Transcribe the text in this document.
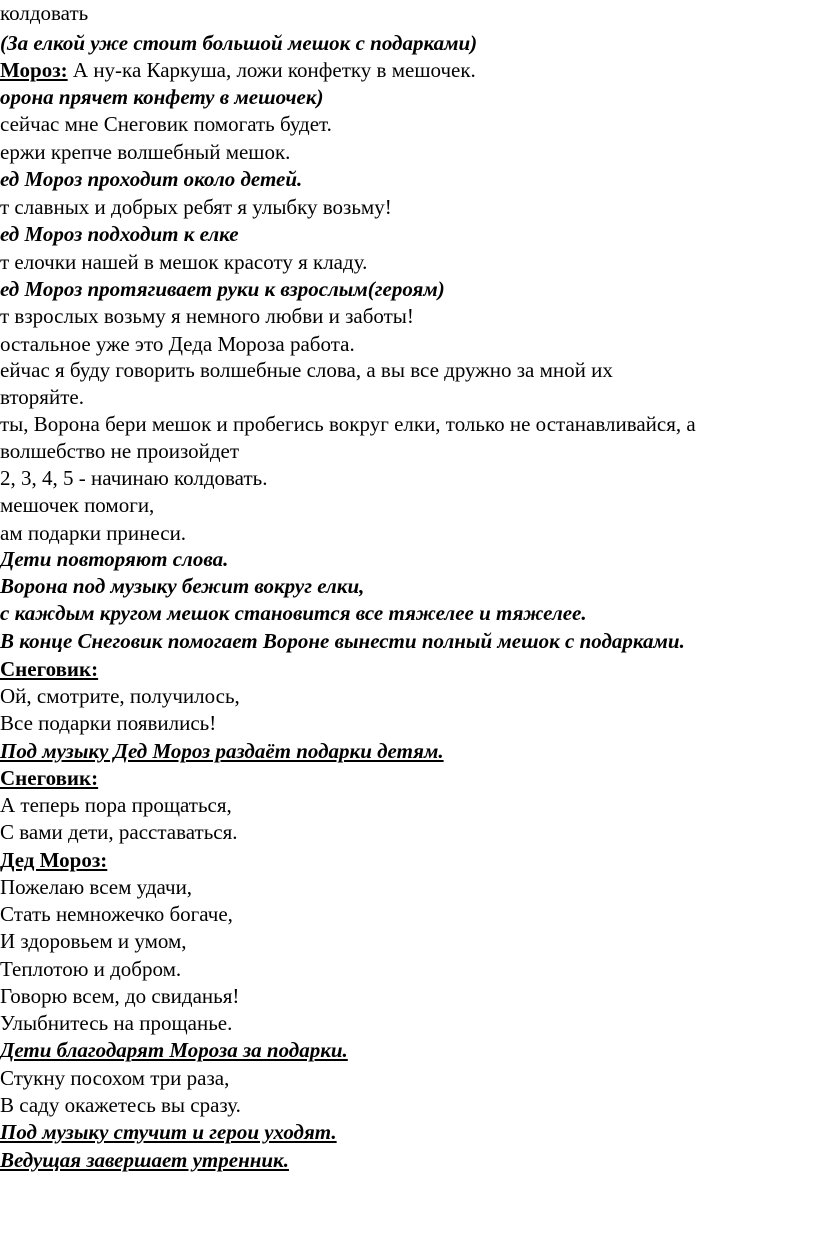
колдовать
(За елкой уже стоит большой мешок с подарками)
Мороз: А ну-ка Каркуша, ложи конфетку в мешочек.
орона прячет конфету в мешочек)
сейчас мне Снеговик помогать будет.
ержи крепче волшебный мешок.
ед Мороз проходит около детей.
т славных и добрых ребят я улыбку возьму!
ед Мороз подходит к елке
т елочки нашей в мешок красоту я кладу.
ед Мороз протягивает руки к взрослым(героям)
т взрослых возьму я немного любви и заботы!
остальное уже это Деда Мороза работа.
ейчас я буду говорить волшебные слова, а вы все дружно за мной их
вторяйте.
ты, Ворона бери мешок и пробегись вокруг елки, только не останавливайся, а
волшебство не произойдет
2, 3, 4, 5 - начинаю колдовать.
мешочек помоги,
ам подарки принеси.
Дети повторяют слова.
Ворона под музыку бежит вокруг елки,
с каждым кругом мешок становится все тяжелее и тяжелее.
В конце Снеговик помогает Вороне вынести полный мешок с подарками.
Снеговик:
Ой, смотрите, получилось,
Все подарки появились!
Под музыку Дед Мороз раздаёт подарки детям.
Снеговик:
А теперь пора прощаться,
С вами дети, расставаться.
Дед Мороз:
Пожелаю всем удачи,
Стать немножечко богаче,
И здоровьем и умом,
Теплотою и добром.
Говорю всем, до свиданья!
Улыбнитесь на прощанье.
Дети благодарят Мороза за подарки.
Стукну посохом три раза,
В саду окажетесь вы сразу.
Под музыку стучит и герои уходят.
Ведущая завершает утренник.
